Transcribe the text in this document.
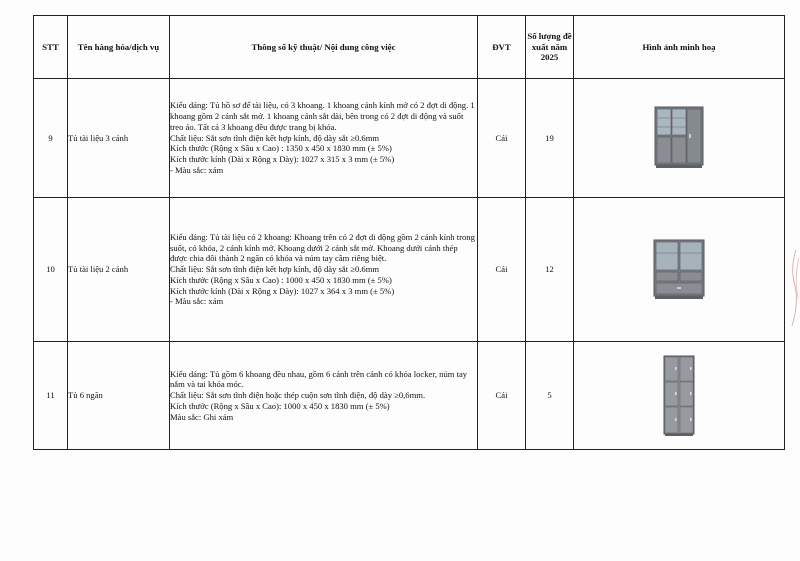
STT	Tên hàng hóa/dịch vụ	Thông số kỹ thuật/ Nội dung công việc	ĐVT	Số lượng đề xuất năm 2025	Hình ảnh minh hoạ
9	Tủ tài liệu 3 cánh	Kiểu dáng: Tủ hồ sơ để tài liệu, có 3 khoang. 1 khoang cánh kính mở có 2 đợt di động. 1 khoang gồm 2 cánh sắt mở. 1 khoang cánh sắt dài, bên trong có 2 đợt di động và suốt treo áo. Tất cả 3 khoang đều được trang bị khóa.
Chất liệu: Sắt sơn tĩnh điện kết hợp kính, độ dày sắt ≥0.6mm
Kích thước (Rộng x Sâu x Cao) : 1350 x 450 x 1830 mm (± 5%)
Kích thước kính (Dài x Rộng x Dày): 1027 x 315 x 3 mm (± 5%)
- Màu sắc: xám	Cái	19	

10	Tủ tài liệu 2 cánh	Kiểu dáng: Tủ tài liệu có 2 khoang: Khoang trên có 2 đợt di động gồm 2 cánh kính trong suốt, có khóa, 2 cánh kính mở. Khoang dưới 2 cánh sắt mở. Khoang dưới cánh thép được chia đôi thành 2 ngăn có khóa và núm tay cầm riêng biệt.
Chất liệu: Sắt sơn tĩnh điện kết hợp kính, độ dày sắt ≥0.6mm
Kích thước (Rộng x Sâu x Cao) : 1000 x 450 x 1830 mm (± 5%)
Kích thước kính (Dài x Rộng x Dày): 1027 x 364 x 3 mm (± 5%)
- Màu sắc: xám	Cái	12	

11	Tủ 6 ngăn	Kiểu dáng: Tủ gồm 6 khoang đều nhau, gồm 6 cánh trên cánh có khóa locker, núm tay nắm và tai khóa móc.
Chất liệu: Sắt sơn tĩnh điện hoặc thép cuộn sơn tĩnh điện, độ dày ≥0,6mm.
Kích thước (Rộng x Sâu x Cao): 1000 x 450 x 1830 mm (± 5%)
Màu sắc: Ghi xám	Cái	5	
